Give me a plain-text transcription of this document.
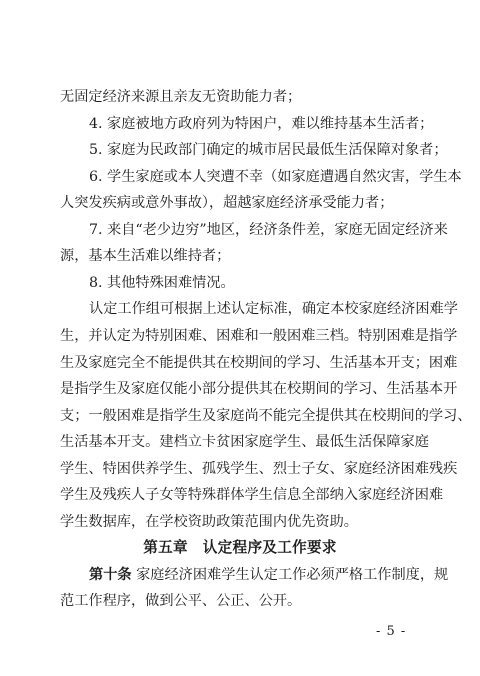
无固定经济来源且亲友无资助能力者；
4. 家庭被地方政府列为特困户，难以维持基本生活者；
5. 家庭为民政部门确定的城市居民最低生活保障对象者；
6. 学生家庭或本人突遭不幸（如家庭遭遇自然灾害，学生本
人突发疾病或意外事故），超越家庭经济承受能力者；
7. 来自“老少边穷”地区，经济条件差，家庭无固定经济来
源，基本生活难以维持者；
8. 其他特殊困难情况。
认定工作组可根据上述认定标准，确定本校家庭经济困难学
生，并认定为特别困难、困难和一般困难三档。特别困难是指学
生及家庭完全不能提供其在校期间的学习、生活基本开支；困难
是指学生及家庭仅能小部分提供其在校期间的学习、生活基本开
支；一般困难是指学生及家庭尚不能完全提供其在校期间的学习、
生活基本开支。建档立卡贫困家庭学生、最低生活保障家庭
学生、特困供养学生、孤残学生、烈士子女、家庭经济困难残疾
学生及残疾人子女等特殊群体学生信息全部纳入家庭经济困难
学生数据库，在学校资助政策范围内优先资助。
第五章　认定程序及工作要求
第十条 家庭经济困难学生认定工作必须严格工作制度，规
范工作程序，做到公平、公正、公开。
- 5 -
